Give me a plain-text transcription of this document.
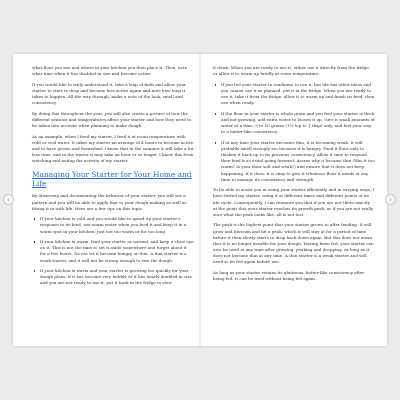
what flour you use and where in your kitchen you then place it. Then, note what time when it has doubled in size and become active.

If you would like to truly understand it, take a leap of faith and allow your starter to start to drop and become less active again and note how long it takes to happen. All the way through, make a note of the look, smell and consistency.

By doing this throughout the year, you will also create a picture of how the different seasons and temperatures affect your starter and how they need to be taken into account when planning to make dough.

As an example, when I feed my starter, I feed it at room temperature with cold or cool water. It takes my starter an average of 4 hours to become active and to have grown and flourished. I know that in the summer it will take a bit less time, and in the winter it may take an hour or so longer. I know this from watching and noting the activity of my starter.

Managing Your Starter for Your Home and Life

By observing and documenting the behavior of your starter, you will see a pattern and you will be able to apply that to your dough making as well as fitting it in with life. Here are a few tips on this topic:

If your kitchen is cold and you would like to speed up your starter's response to its feed, use warm water when you feed it and keep it in a warm spot in your kitchen, just not too warm or for too long.
If your kitchen is warm, feed your starter as normal, and keep a close eye on it. This is not the time to set it aside somewhere and forget about it for a few hours. Do not let it become hungry or thin. A thin starter is a weak starter, and it will not be strong enough to rise the dough.
If your kitchen is warm and your starter is growing too quickly for your dough plans, if it has become very bubbly or it has nearly doubled in size and you are not ready to use it, put it back in the fridge to slow

it down. When you are ready to use it, either use it directly from the fridge, or allow it to warm up briefly at room temperature.

If you fed your starter in readiness to use it, but life has other ideas and you cannot use it as planned, put it in the fridge. When you are ready to use it, take it from the fridge, allow it to warm up and finish its feed, then use when ready.
If the flour in your starter is whole grain and you feel your starter is thick and not growing, add extra water to loosen it up. Give it small amounts of water at a time, 5 to 10 grams (1½ tsp to 1 tbsp) only, and feel your way to a batter-like consistency.
If at any time your starter becomes thin, it is becoming weak. It will probably smell strongly too because it is hungry. Feed it flour only to thicken it back up to its previous consistency. Allow it time to respond, then feed it as usual going forward. Assess why it became thin (Was it too warm? Is your flour soft and weak?) and ensure that it does not keep happening. If it does, it is okay to give it whatever flour it needs at any time to manage its consistency and strength.

To be able to assist you in using your starter efficiently and in varying ways, I have tested my starter, using it at different times and different points of its life cycle. Consequently, I can reassure you that if you are not there exactly at the point that your starter reaches its growth peak, or if you are not really sure what the peak looks like, all is not lost.

The peak is the highest point that your starter grows to after feeding. It will grow and blossom and hit a peak, which it will stay at for a period of time before it then slowly starts to drop back down again. But this does not mean that it is no longer useable for your dough. Having been fed, your starter can now be used at any time after growing, peaking and dropping, as long as it does not become thin at any time. A thin starter is a weak starter and will need to be fed again before use.

As long as your starter retains its glutinous, batter-like consistency after being fed, it can be used without being fed again.

‹	›
